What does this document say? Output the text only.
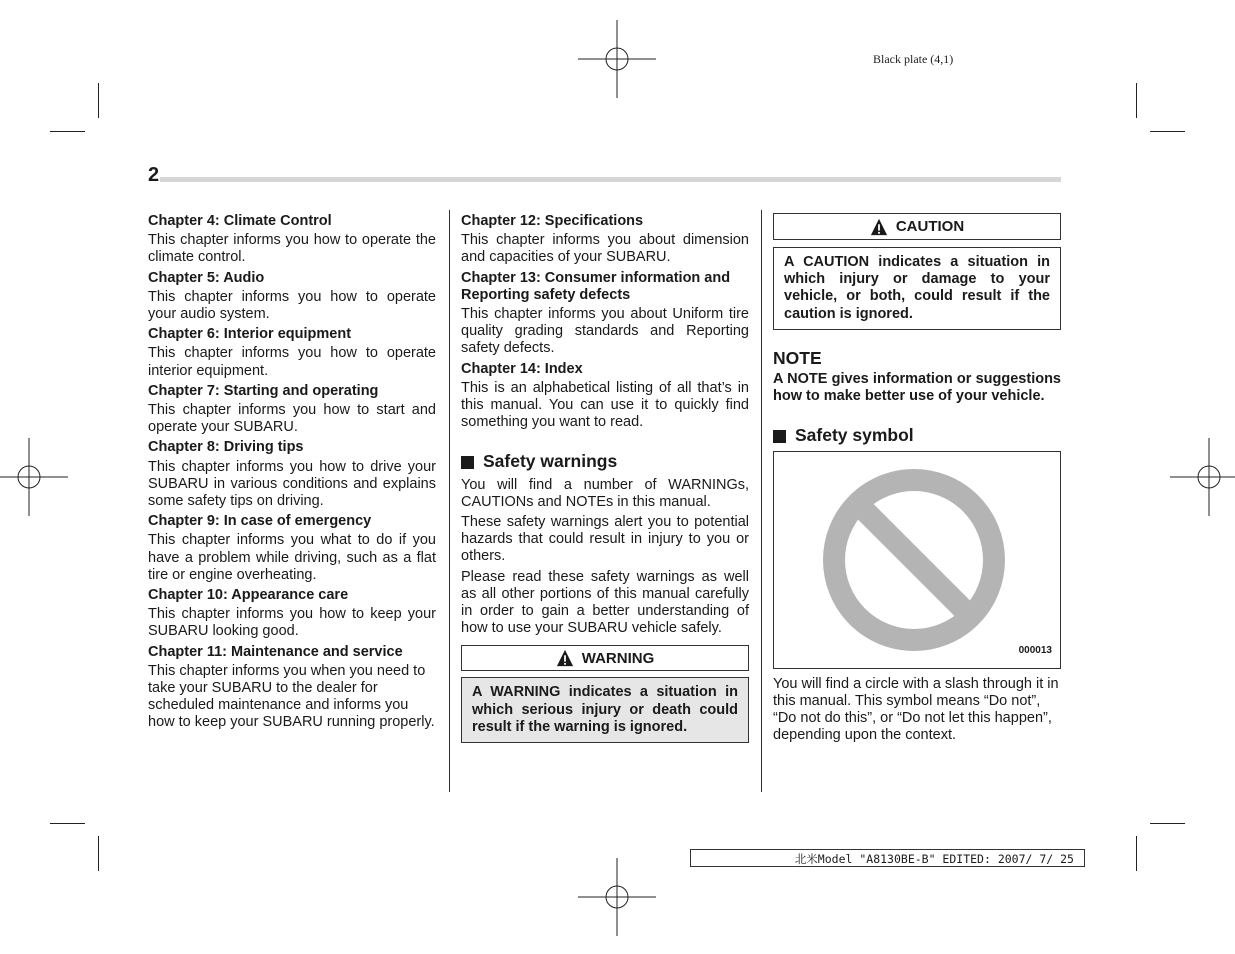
Black plate (4,1)
2

Chapter 4: Climate Control

This chapter informs you how to operate the climate control.

Chapter 5: Audio

This chapter informs you how to operate your audio system.

Chapter 6: Interior equipment

This chapter informs you how to operate interior equipment.

Chapter 7: Starting and operating

This chapter informs you how to start and operate your SUBARU.

Chapter 8: Driving tips

This chapter informs you how to drive your SUBARU in various conditions and explains some safety tips on driving.

Chapter 9: In case of emergency

This chapter informs you what to do if you have a problem while driving, such as a flat tire or engine overheating.

Chapter 10: Appearance care

This chapter informs you how to keep your SUBARU looking good.

Chapter 11: Maintenance and service

This chapter informs you when you need to take your SUBARU to the dealer for scheduled maintenance and informs you how to keep your SUBARU running properly.

Chapter 12: Specifications

This chapter informs you about dimension and capacities of your SUBARU.

Chapter 13: Consumer information and Reporting safety defects

This chapter informs you about Uniform tire quality grading standards and Reporting safety defects.

Chapter 14: Index

This is an alphabetical listing of all that’s in this manual. You can use it to quickly find something you want to read.

Safety warnings

You will find a number of WARNINGs, CAUTIONs and NOTEs in this manual.

These safety warnings alert you to potential hazards that could result in injury to you or others.

Please read these safety warnings as well as all other portions of this manual carefully in order to gain a better understanding of how to use your SUBARU vehicle safely.

WARNING
A WARNING indicates a situation in which serious injury or death could result if the warning is ignored.
CAUTION
A CAUTION indicates a situation in which injury or damage to your vehicle, or both, could result if the caution is ignored.

NOTE

A NOTE gives information or suggestions how to make better use of your vehicle.

Safety symbol
000013

You will find a circle with a slash through it in this manual. This symbol means “Do not”, “Do not do this”, or “Do not let this happen”, depending upon the context.

北米Model "A8130BE-B" EDITED: 2007/ 7/ 25
